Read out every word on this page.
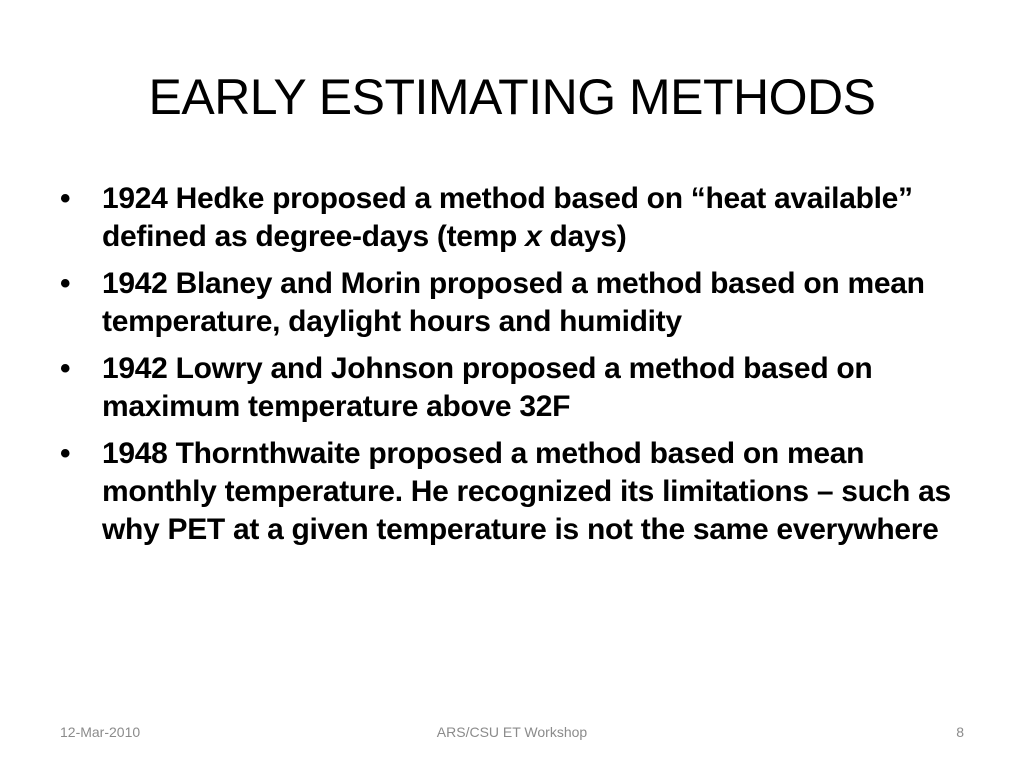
EARLY ESTIMATING METHODS
• 1924 Hedke proposed a method based on “heat available” defined as degree-days (temp x days)
• 1942 Blaney and Morin proposed a method based on mean temperature, daylight hours and humidity
• 1942 Lowry and Johnson proposed a method based on maximum temperature above 32F
• 1948 Thornthwaite proposed a method based on mean monthly temperature. He recognized its limitations – such as why PET at a given temperature is not the same everywhere
12-Mar-2010	ARS/CSU ET Workshop	8
